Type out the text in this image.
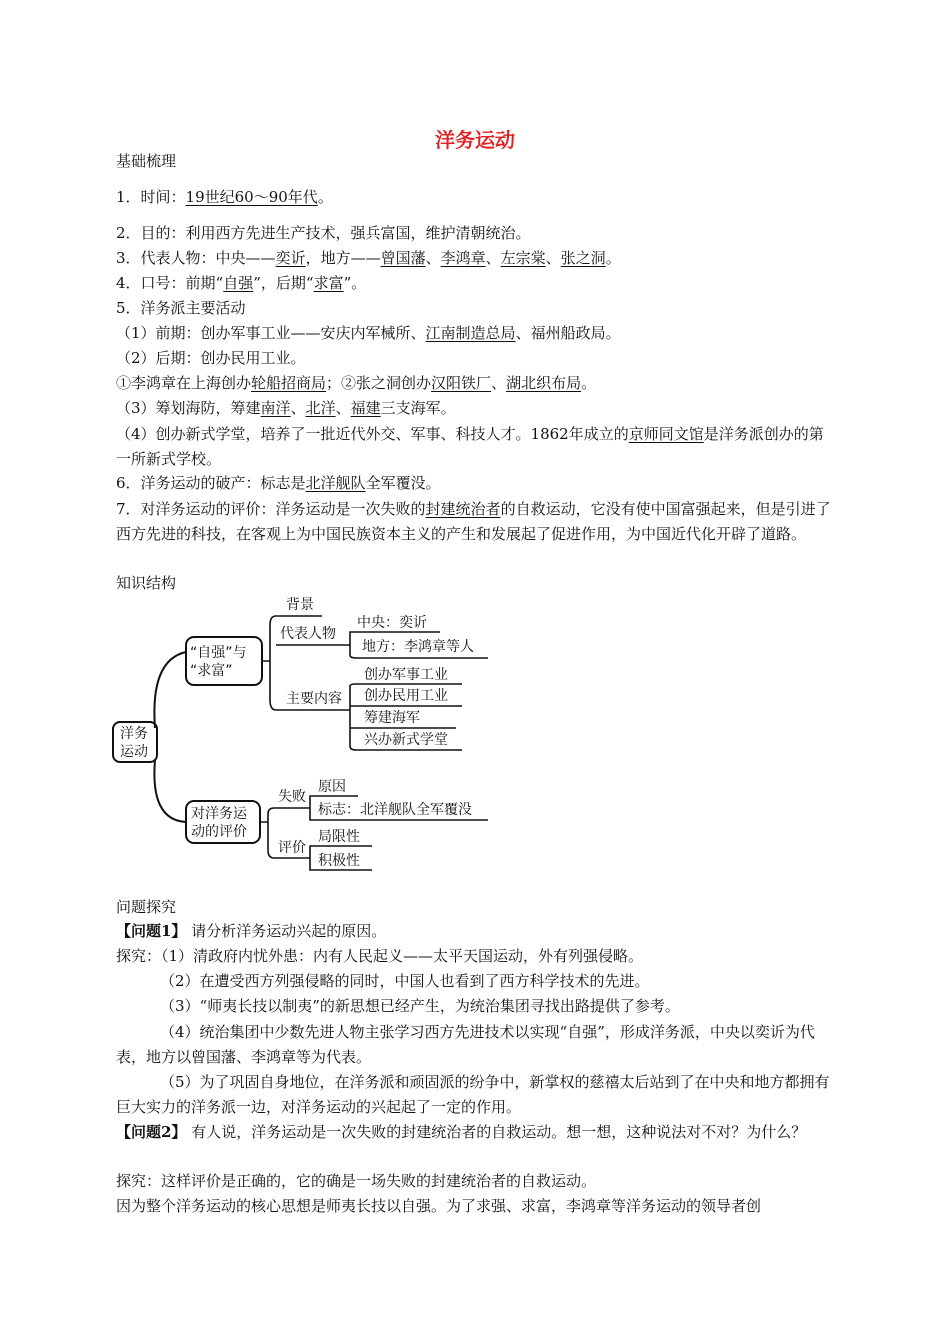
洋务运动
基础梳理
1．时间：19世纪60～90年代。
2．目的：利用西方先进生产技术，强兵富国，维护清朝统治。
3．代表人物：中央——奕䜣，地方——曾国藩、李鸿章、左宗棠、张之洞。
4．口号：前期“自强”，后期“求富”。
5．洋务派主要活动
（1）前期：创办军事工业——安庆内军械所、江南制造总局、福州船政局。
（2）后期：创办民用工业。
①李鸿章在上海创办轮船招商局；②张之洞创办汉阳铁厂、湖北织布局。
（3）筹划海防，筹建南洋、北洋、福建三支海军。
（4）创办新式学堂，培养了一批近代外交、军事、科技人才。1862年成立的京师同文馆是洋务派创办的第一所新式学校。
6．洋务运动的破产：标志是北洋舰队全军覆没。
7．对洋务运动的评价：洋务运动是一次失败的封建统治者的自救运动，它没有使中国富强起来，但是引进了西方先进的科技，在客观上为中国民族资本主义的产生和发展起了促进作用，为中国近代化开辟了道路。
知识结构
洋务
运动
“自强”与
“求富”
背景
代表人物
中央：奕䜣
地方：李鸿章等人
主要内容
创办军事工业
创办民用工业
筹建海军
兴办新式学堂
对洋务运
动的评价
失败
原因
标志：北洋舰队全军覆没
评价
局限性
积极性
问题探究
【问题1】 请分析洋务运动兴起的原因。
探究：（1）清政府内忧外患：内有人民起义——太平天国运动，外有列强侵略。
（2）在遭受西方列强侵略的同时，中国人也看到了西方科学技术的先进。
（3）“师夷长技以制夷”的新思想已经产生，为统治集团寻找出路提供了参考。
（4）统治集团中少数先进人物主张学习西方先进技术以实现“自强”，形成洋务派，中央以奕䜣为代表，地方以曾国藩、李鸿章等为代表。
（5）为了巩固自身地位，在洋务派和顽固派的纷争中，新掌权的慈禧太后站到了在中央和地方都拥有巨大实力的洋务派一边，对洋务运动的兴起起了一定的作用。
【问题2】 有人说，洋务运动是一次失败的封建统治者的自救运动。想一想，这种说法对不对？为什么？
探究：这样评价是正确的，它的确是一场失败的封建统治者的自救运动。
因为整个洋务运动的核心思想是师夷长技以自强。为了求强、求富，李鸿章等洋务运动的领导者创
